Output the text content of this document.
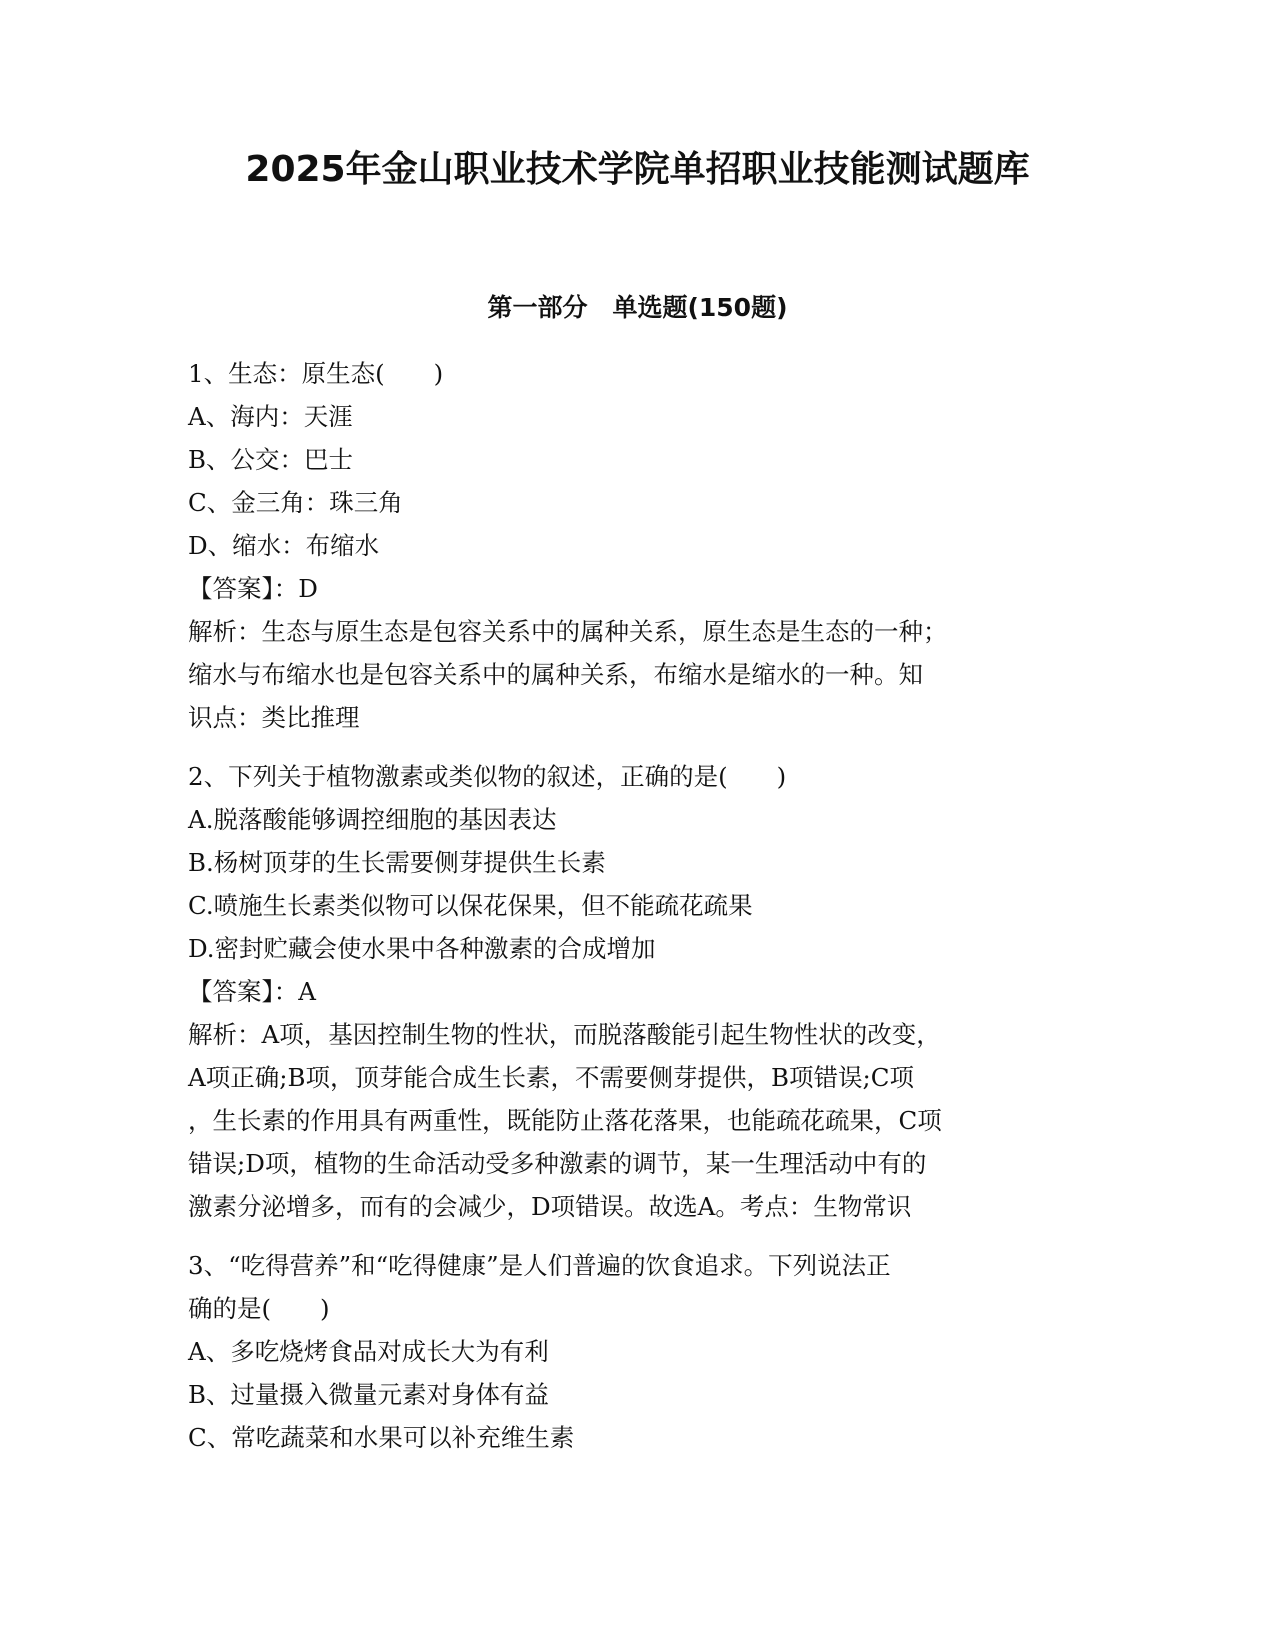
2025年金山职业技术学院单招职业技能测试题库
第一部分　单选题(150题)
1、生态：原生态(　　)
A、海内：天涯
B、公交：巴士
C、金三角：珠三角
D、缩水：布缩水
【答案】：D
解析：生态与原生态是包容关系中的属种关系，原生态是生态的一种；
缩水与布缩水也是包容关系中的属种关系，布缩水是缩水的一种。知
识点：类比推理
2、下列关于植物激素或类似物的叙述，正确的是(　　)
A.脱落酸能够调控细胞的基因表达
B.杨树顶芽的生长需要侧芽提供生长素
C.喷施生长素类似物可以保花保果，但不能疏花疏果
D.密封贮藏会使水果中各种激素的合成增加
【答案】：A
解析：A项，基因控制生物的性状，而脱落酸能引起生物性状的改变，
A项正确;B项，顶芽能合成生长素，不需要侧芽提供，B项错误;C项
，生长素的作用具有两重性，既能防止落花落果，也能疏花疏果，C项
错误;D项，植物的生命活动受多种激素的调节，某一生理活动中有的
激素分泌增多，而有的会减少，D项错误。故选A。考点：生物常识
3、“吃得营养”和“吃得健康”是人们普遍的饮食追求。下列说法正
确的是(　　)
A、多吃烧烤食品对成长大为有利
B、过量摄入微量元素对身体有益
C、常吃蔬菜和水果可以补充维生素
